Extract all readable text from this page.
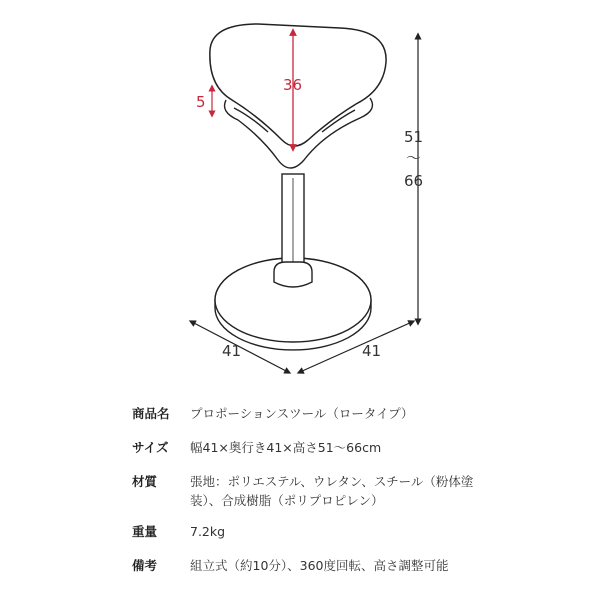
36
5
51
〜
66
41	41
商品名 プロポーションスツール（ロータイプ）
サイズ 幅41×奥行き41×高さ51〜66cm
材質	張地：ポリエステル、ウレタン、スチール（粉体塗装）、合成樹脂（ポリプロピレン）
重量	7.2kg
備考	組立式（約10分）、360度回転、高さ調整可能
